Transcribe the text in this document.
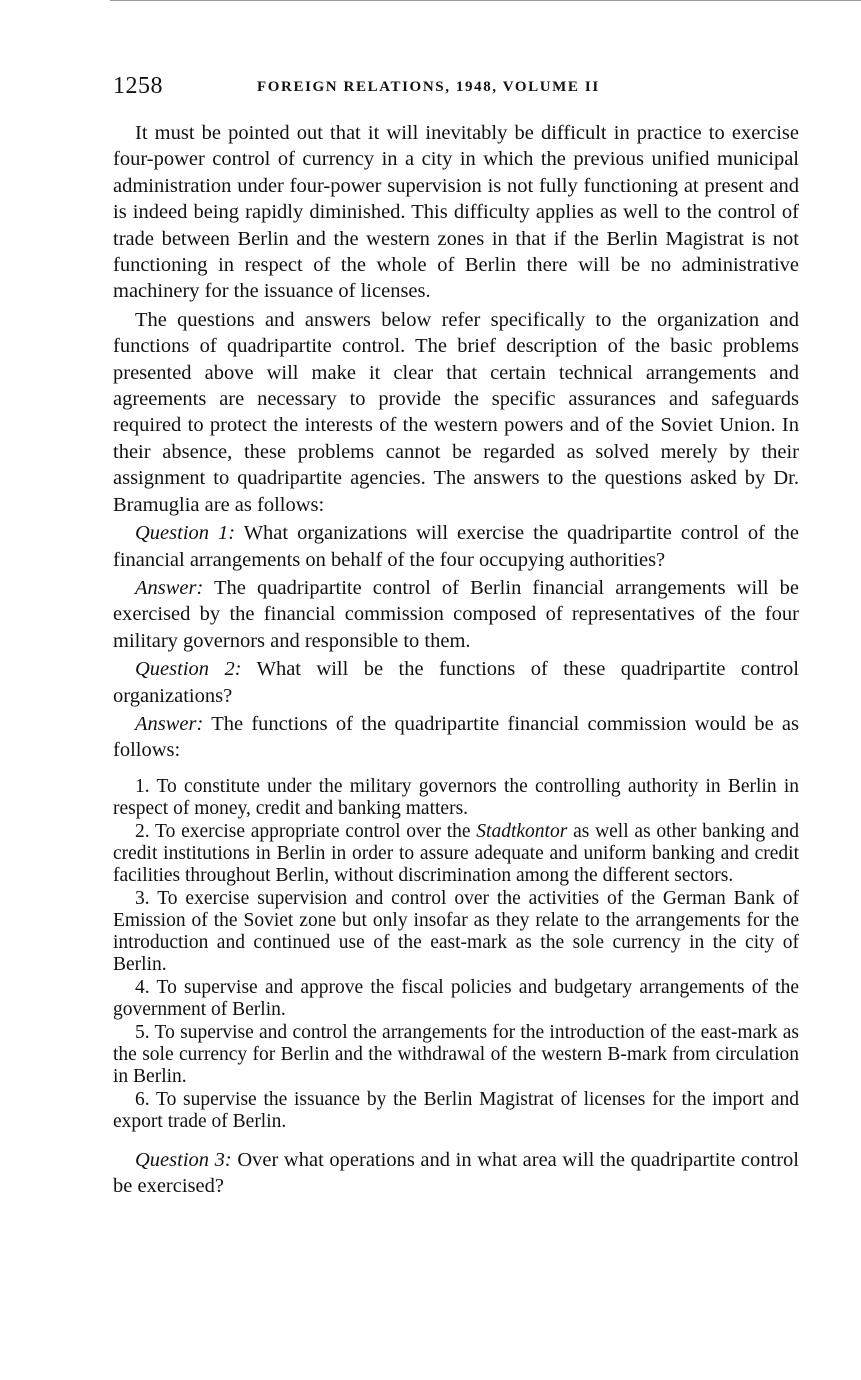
1258	FOREIGN RELATIONS, 1948, VOLUME II

It must be pointed out that it will inevitably be difficult in practice to exercise four-power control of currency in a city in which the previous unified municipal administration under four-power supervision is not fully functioning at present and is indeed being rapidly diminished. This difficulty applies as well to the control of trade between Berlin and the western zones in that if the Berlin Magistrat is not functioning in respect of the whole of Berlin there will be no administrative machinery for the issuance of licenses.

The questions and answers below refer specifically to the organization and functions of quadripartite control. The brief description of the basic problems presented above will make it clear that certain technical arrangements and agreements are necessary to provide the specific assurances and safeguards required to protect the interests of the western powers and of the Soviet Union. In their absence, these problems cannot be regarded as solved merely by their assignment to quadripartite agencies. The answers to the questions asked by Dr. Bramuglia are as follows:

Question 1: What organizations will exercise the quadripartite control of the financial arrangements on behalf of the four occupying authorities?

Answer: The quadripartite control of Berlin financial arrangements will be exercised by the financial commission composed of representatives of the four military governors and responsible to them.

Question 2: What will be the functions of these quadripartite control organizations?

Answer: The functions of the quadripartite financial commission would be as follows:

1. To constitute under the military governors the controlling authority in Berlin in respect of money, credit and banking matters.

2. To exercise appropriate control over the Stadtkontor as well as other banking and credit institutions in Berlin in order to assure adequate and uniform banking and credit facilities throughout Berlin, without discrimination among the different sectors.

3. To exercise supervision and control over the activities of the German Bank of Emission of the Soviet zone but only insofar as they relate to the arrangements for the introduction and continued use of the east-mark as the sole currency in the city of Berlin.

4. To supervise and approve the fiscal policies and budgetary arrangements of the government of Berlin.

5. To supervise and control the arrangements for the introduction of the east-mark as the sole currency for Berlin and the withdrawal of the western B-mark from circulation in Berlin.

6. To supervise the issuance by the Berlin Magistrat of licenses for the import and export trade of Berlin.

Question 3: Over what operations and in what area will the quadripartite control be exercised?
